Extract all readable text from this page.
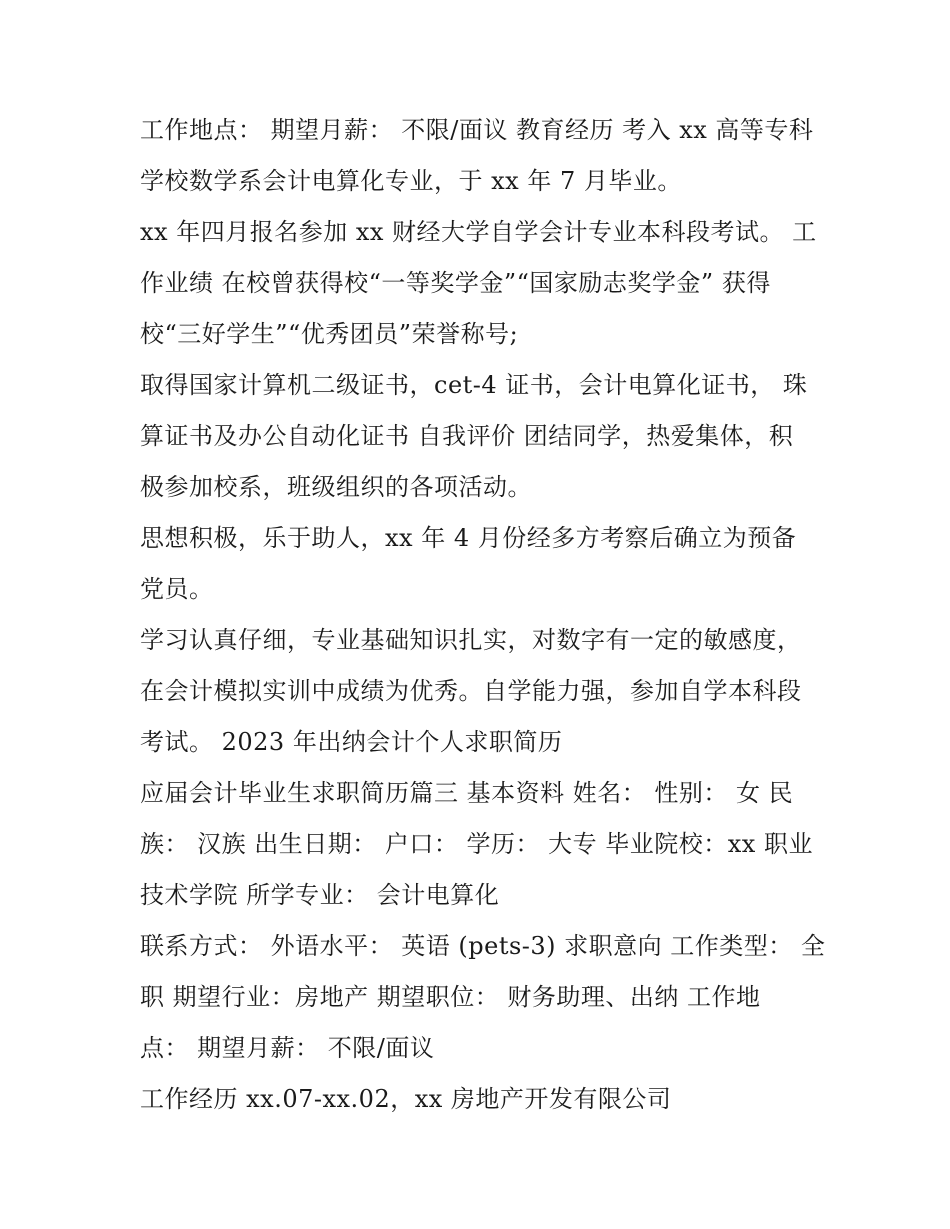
工作地点： 期望月薪： 不限/面议 教育经历 考入 xx 高等专科
学校数学系会计电算化专业，于 xx 年 7 月毕业。
xx 年四月报名参加 xx 财经大学自学会计专业本科段考试。 工
作业绩 在校曾获得校“一等奖学金”“国家励志奖学金” 获得
校“三好学生”“优秀团员”荣誉称号;
取得国家计算机二级证书，cet-4 证书，会计电算化证书， 珠
算证书及办公自动化证书 自我评价 团结同学，热爱集体，积
极参加校系，班级组织的各项活动。
思想积极，乐于助人，xx 年 4 月份经多方考察后确立为预备
党员。
学习认真仔细，专业基础知识扎实，对数字有一定的敏感度，
在会计模拟实训中成绩为优秀。自学能力强，参加自学本科段
考试。 2023 年出纳会计个人求职简历
应届会计毕业生求职简历篇三 基本资料 姓名： 性别： 女 民
族： 汉族 出生日期： 户口： 学历： 大专 毕业院校：xx 职业
技术学院 所学专业： 会计电算化
联系方式： 外语水平： 英语 (pets-3) 求职意向 工作类型： 全
职 期望行业：房地产 期望职位： 财务助理、出纳 工作地
点： 期望月薪： 不限/面议
工作经历 xx.07-xx.02，xx 房地产开发有限公司
